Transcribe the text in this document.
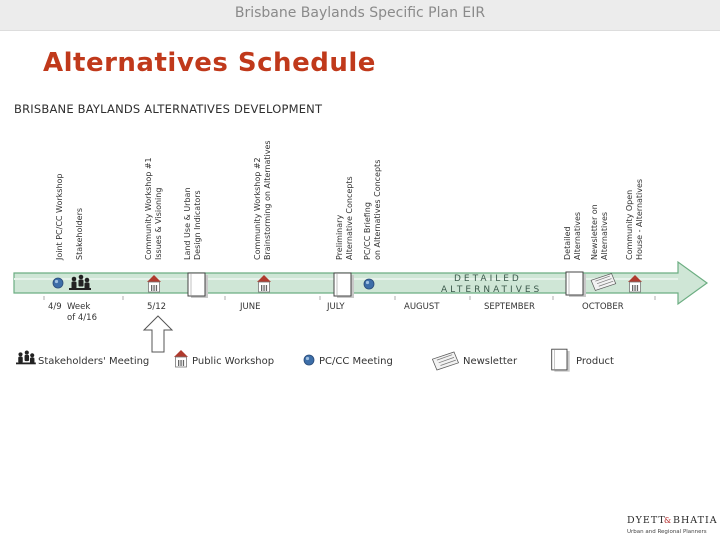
Brisbane Baylands Specific Plan EIR
Alternatives Schedule
BRISBANE BAYLANDS ALTERNATIVES DEVELOPMENT
Joint PC/CC Workshop Stakeholders	Community Workshop #1Issues & Visioning	Land Use & UrbanDesign Indicators	Community Workshop #2Brainstorming on Alternatives	PreliminaryAlternative Concepts PC/CC Briefingon Alternatives Concepts	DetailedAlternatives Newsletter onAlternatives Community OpenHouse - Alternatives
DETAILED
ALTERNATIVES
4/9 Week
of 4/16
5/12	JUNE	JULY	AUGUST	SEPTEMBER	OCTOBER
Stakeholders' Meeting	Public Workshop	PC/CC Meeting	Newsletter	Product
DYETT
& BHATIA
Urban and Regional Planners
